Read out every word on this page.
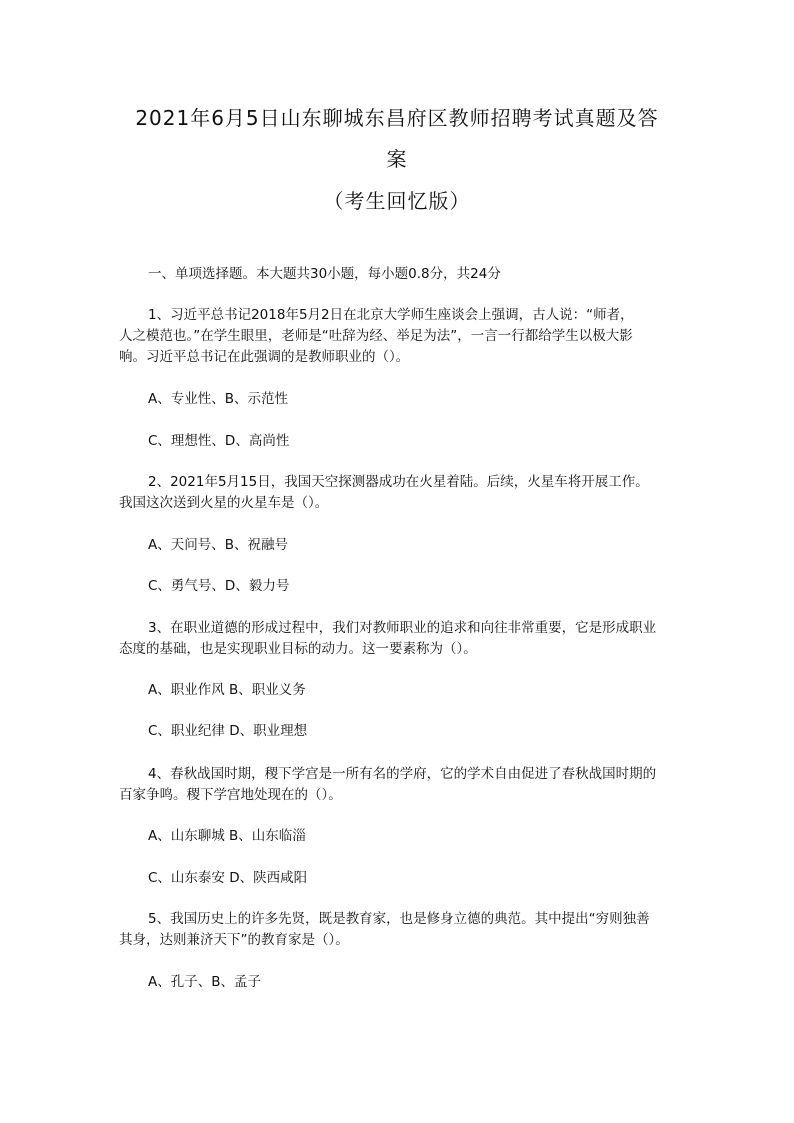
2021年6月5日山东聊城东昌府区教师招聘考试真题及答
案
（考生回忆版）
一、单项选择题。本大题共30小题，每小题0.8分，共24分
1、习近平总书记2018年5月2日在北京大学师生座谈会上强调，古人说：“师者，
人之模范也。”在学生眼里，老师是“吐辞为经、举足为法”，一言一行都给学生以极大影
响。习近平总书记在此强调的是教师职业的（）。
A、专业性、B、示范性
C、理想性、D、高尚性
2、2021年5月15日，我国天空探测器成功在火星着陆。后续，火星车将开展工作。
我国这次送到火星的火星车是（）。
A、天问号、B、祝融号
C、勇气号、D、毅力号
3、在职业道德的形成过程中，我们对教师职业的追求和向往非常重要，它是形成职业
态度的基础，也是实现职业目标的动力。这一要素称为（）。
A、职业作风 B、职业义务
C、职业纪律 D、职业理想
4、春秋战国时期，稷下学宫是一所有名的学府，它的学术自由促进了春秋战国时期的
百家争鸣。稷下学宫地处现在的（）。
A、山东聊城 B、山东临淄
C、山东泰安 D、陕西咸阳
5、我国历史上的许多先贤，既是教育家，也是修身立德的典范。其中提出“穷则独善
其身，达则兼济天下”的教育家是（）。
A、孔子、B、孟子
